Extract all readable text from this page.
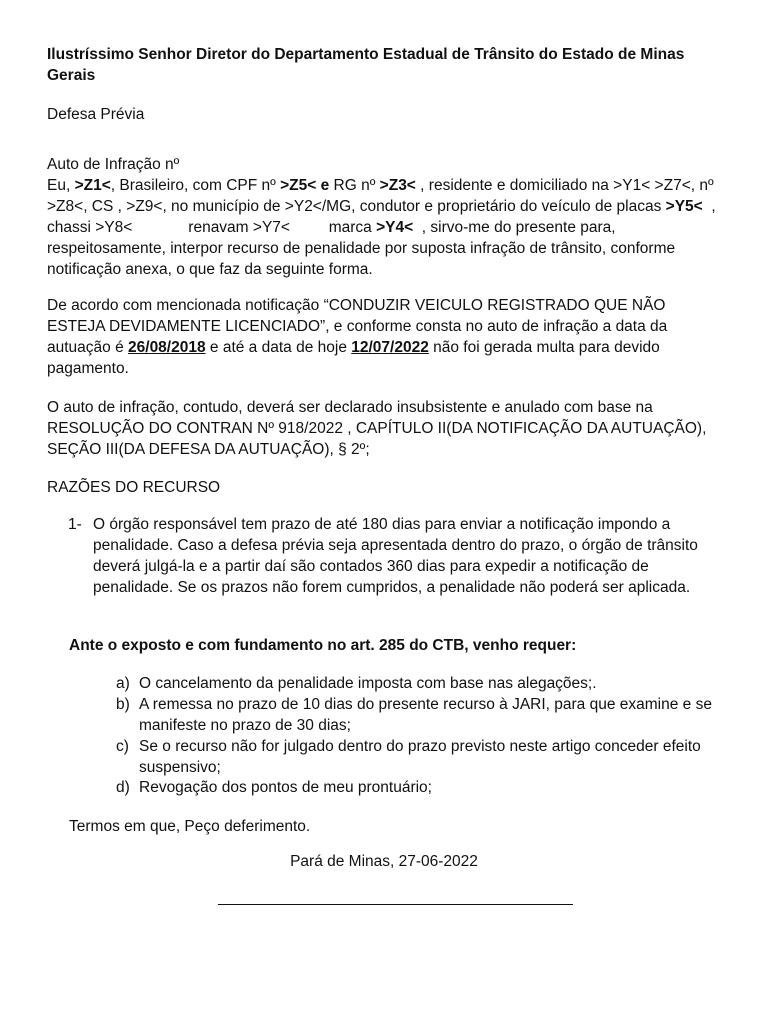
Ilustríssimo Senhor Diretor do Departamento Estadual de Trânsito do Estado de Minas Gerais

Defesa Prévia

Auto de Infração nº

Eu, >Z1<, Brasileiro, com CPF nº >Z5< e RG nº >Z3< , residente e domiciliado na >Y1< >Z7<, nº >Z8<, CS , >Z9<, no município de >Y2</MG, condutor e proprietário do veículo de placas >Y5<  , chassi >Y8<             renavam >Y7<         marca >Y4<  , sirvo-me do presente para, respeitosamente, interpor recurso de penalidade por suposta infração de trânsito, conforme notificação anexa, o que faz da seguinte forma.

De acordo com mencionada notificação “CONDUZIR VEICULO REGISTRADO QUE NÃO ESTEJA DEVIDAMENTE LICENCIADO”, e conforme consta no auto de infração a data da autuação é 26/08/2018 e até a data de hoje 12/07/2022 não foi gerada multa para devido pagamento.

O auto de infração, contudo, deverá ser declarado insubsistente e anulado com base na RESOLUÇÃO DO CONTRAN Nº 918/2022 , CAPÍTULO II(DA NOTIFICAÇÃO DA AUTUAÇÃO), SEÇÃO III(DA DEFESA DA AUTUAÇÃO), § 2º;

RAZÕES DO RECURSO

1- O órgão responsável tem prazo de até 180 dias para enviar a notificação impondo a penalidade. Caso a defesa prévia seja apresentada dentro do prazo, o órgão de trânsito deverá julgá-la e a partir daí são contados 360 dias para expedir a notificação de penalidade. Se os prazos não forem cumpridos, a penalidade não poderá ser aplicada.

Ante o exposto e com fundamento no art. 285 do CTB, venho requer:

a) O cancelamento da penalidade imposta com base nas alegações;.

b) A remessa no prazo de 10 dias do presente recurso à JARI, para que examine e se manifeste no prazo de 30 dias;

c) Se o recurso não for julgado dentro do prazo previsto neste artigo conceder efeito suspensivo;

d) Revogação dos pontos de meu prontuário;

Termos em que, Peço deferimento.

Pará de Minas, 27-06-2022
